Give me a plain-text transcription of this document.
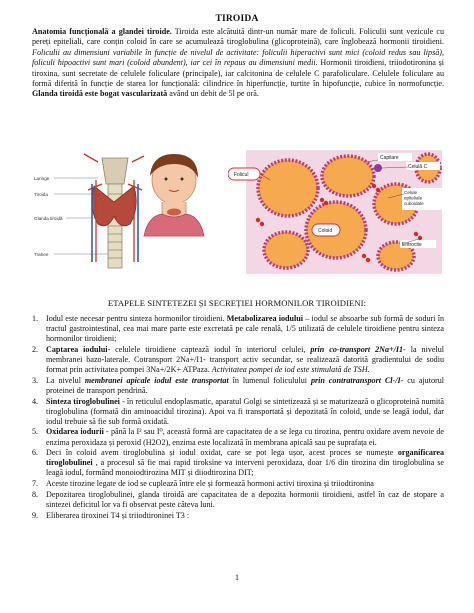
TIROIDA
Anatomia funcțională a glandei tiroide. Tiroida este alcătuită dintr-un număr mare de foliculi. Foliculii sunt veziculе cu pereți epiteliali, care conțin coloid în care se acumulează tiroglobulina (glicoproteină), care înglobează hormonii tiroidieni. Foliculii au dimensiuni variabile în funcție de nivelul de activitate: foliculii hiperactivi sunt mici (coloid redus sau lipsă), foliculi hipoactivi sunt mari (coloid abundent), iar cei în repaus au dimensiuni medii. Hormonii tiroidieni, triiodotironina și tiroxina, sunt secretate de celulele foliculare (principale), iar calcitonina de celulele C parafoliculare. Celulele foliculare au formă diferită în funcție de starea lor funcțională: cilindrice în hiperfuncție, turtite în hipofuncție, cubice în normofuncție. Glanda tiroidă este bogat vascularizată având un debit de 5l pe oră.
Laringe
Tiroida
Glanda tiroidă
Trahee
Capilare
Celulă C
Folicul
Celule epiteliale cuboidale
Coloid
Eritrocite
ETAPELE SINTETEZEI ȘI SECREȚIEI HORMONILOR TIROIDIENI:
1. Iodul este necesar pentru sinteza hormonilor tiroidieni. Metabolizarea iodului – iodul se absoarbe sub formă de soduri în tractul gastrointestinal, cea mai mare parte este excretată pe cale renală, 1/5 utilizată de celulele tiroidiene pentru sinteza hormonilor tiroidieni;
2. Captarea iodului- celulele tiroidiene captează iodul în interiorul celulei, prin co-transport 2Na+/I1- la nivelul membranei bazo-laterale. Cotransport 2Na+/I1- transport activ secundar, se realizează datorită gradientului de sodiu format prin activitatea pompei 3Na+/2K+ ATPaza. Activitatea pompei de iod este stimulată de TSH.
3. La nivelul membranei apicale iodul este transportat în lumenul foliculului prin contratransport Cl-/I- cu ajutorul proteinei de transport pendrină.
4. Sinteza tiroglobulinei - în reticulul endoplasmatic, aparatul Golgi se sintetizează și se maturizează o glicoproteină numită tiroglobulina (formată din aminoacidul tirozina). Apoi va fi transportată și depozitată în coloid, unde se leagă iodul, dar iodul trebuie să fie sub formă oxidată.
5. Oxidarea iodurii - până la I² sau I⁰, această formă are capacitatea de a se lega cu tirozina, pentru oxidare avem nevoie de enzima peroxidaza și peroxid (H2O2), enzima este localizată în membrana apicală sau pe suprafața ei.
6. Deci în coloid avem tiroglobulina și iodul oxidat, care se pot lega ușor, acest proces se numește organificarea tiroglobulinei , a procesul să fie mai rapid tiroksine va interveni peroxidaza, doar 1/6 din tirozina din tiroglobulina se leagă iodul, formând monoiodtirozina MIT și diiodtirozina DIT;
7. Aceste tirozine legate de iod se cuplează între ele și formează hormoni activi tiroxina și triiodtironina
8. Depozitarea tiroglobulinei, glanda tiroidă are capacitatea de a depozita hormonii tiroidieni, astfel în caz de stopare a sintezei deficitul lor va fi observat peste câteva luni.
9. Eliberarea tiroxinei T4 și triiodtironinei T3 :
1
